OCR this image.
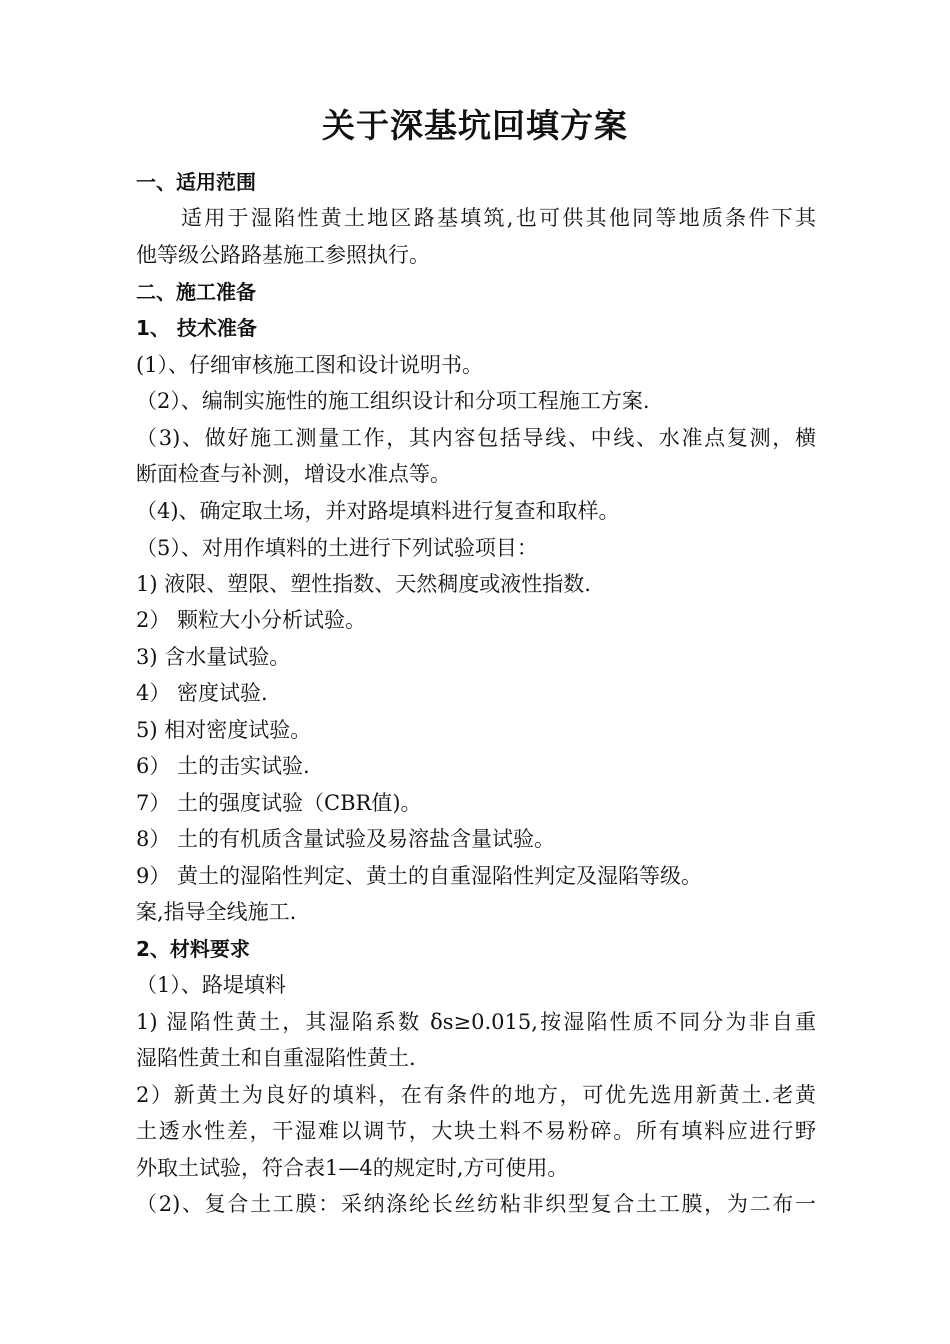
关于深基坑回填方案
一、适用范围
适用于湿陷性黄土地区路基填筑,也可供其他同等地质条件下其
他等级公路路基施工参照执行。
二、施工准备
1、 技术准备
(1）、仔细审核施工图和设计说明书。
（2）、编制实施性的施工组织设计和分项工程施工方案.
（3)、做好施工测量工作，其内容包括导线、中线、水准点复测，横
断面检查与补测，增设水准点等。
（4)、确定取土场，并对路堤填料进行复查和取样。
（5）、对用作填料的土进行下列试验项目：
1) 液限、塑限、塑性指数、天然稠度或液性指数.
2） 颗粒大小分析试验。
3) 含水量试验。
4） 密度试验.
5) 相对密度试验。
6） 土的击实试验.
7） 土的强度试验（CBR值)。
8） 土的有机质含量试验及易溶盐含量试验。
9） 黄土的湿陷性判定、黄土的自重湿陷性判定及湿陷等级。
案,指导全线施工.
2、材料要求
（1）、路堤填料
1) 湿陷性黄土，其湿陷系数 δs≥0.015,按湿陷性质不同分为非自重
湿陷性黄土和自重湿陷性黄土.
2）新黄土为良好的填料，在有条件的地方，可优先选用新黄土.老黄
土透水性差，干湿难以调节，大块土料不易粉碎。所有填料应进行野
外取土试验，符合表1—4的规定时,方可使用。
（2)、复合土工膜：采纳涤纶长丝纺粘非织型复合土工膜，为二布一
